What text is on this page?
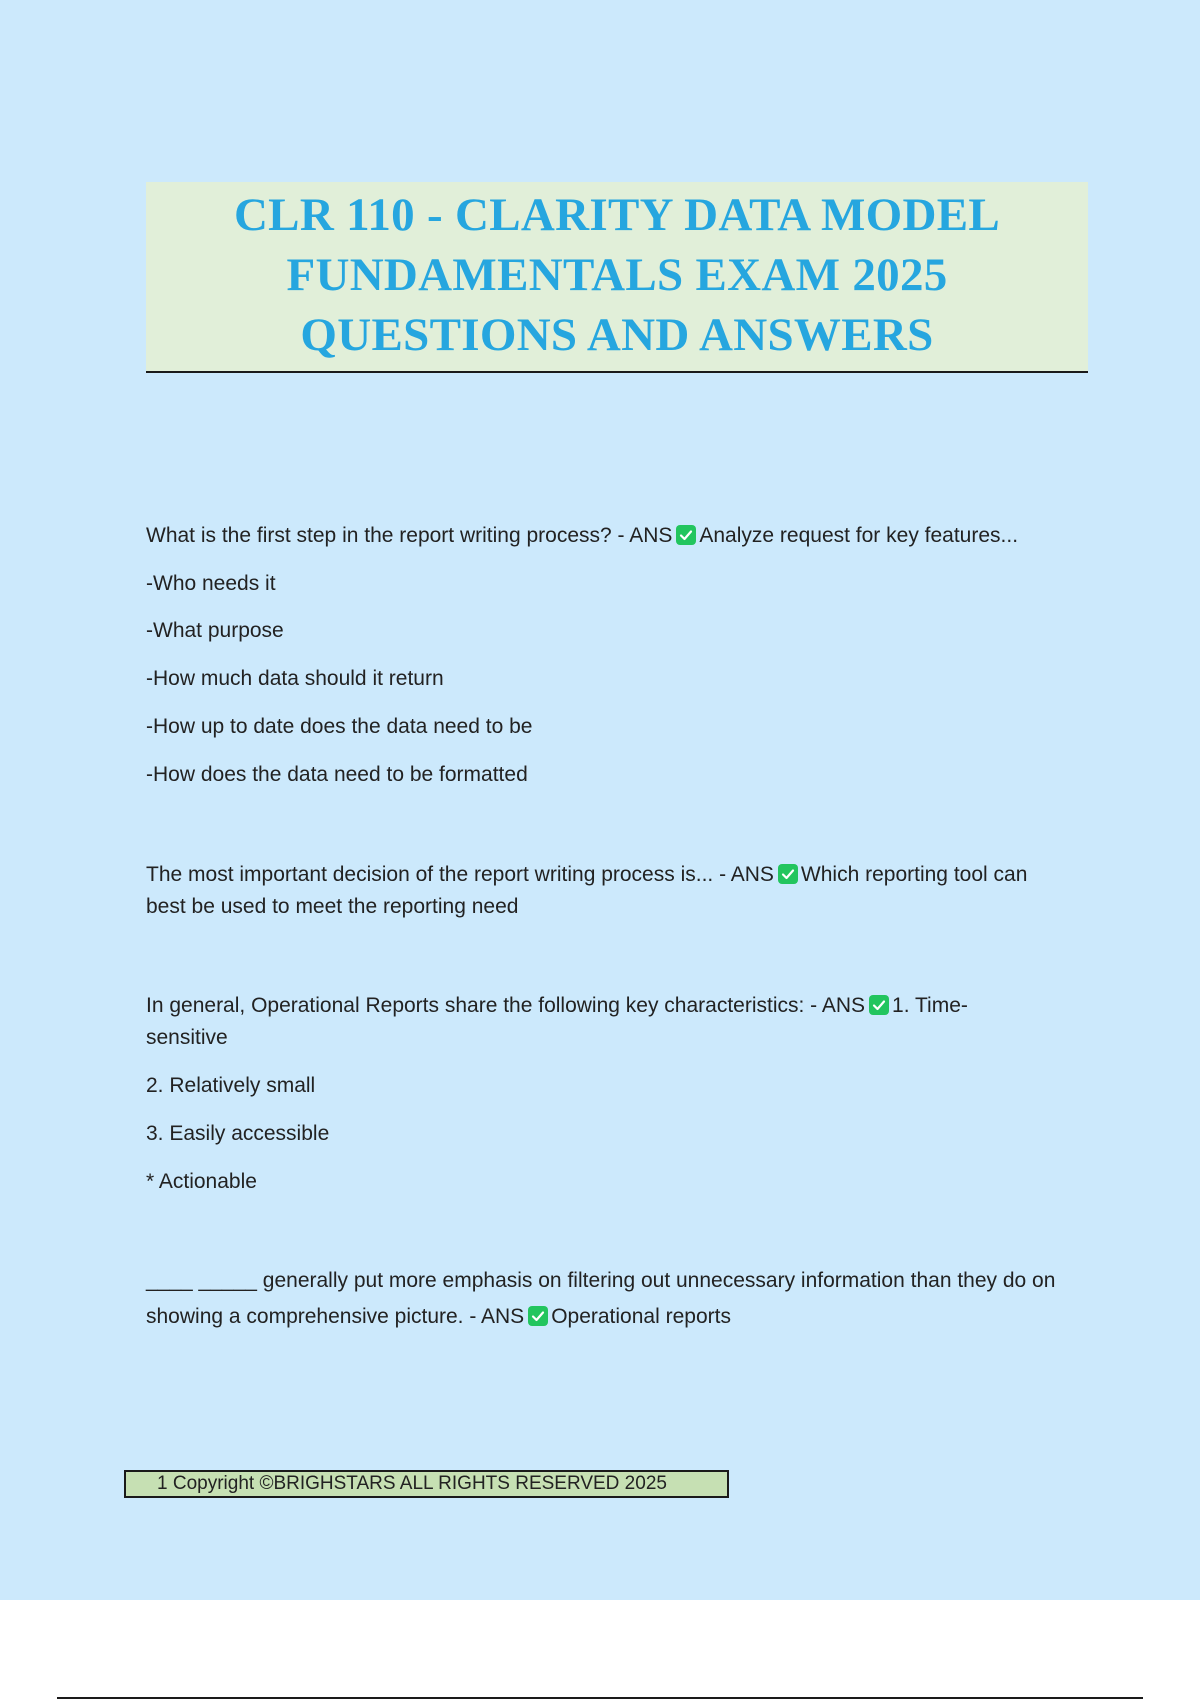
CLR 110 - CLARITY DATA MODEL
FUNDAMENTALS EXAM 2025
QUESTIONS AND ANSWERS
What is the first step in the report writing process? - ANS Analyze request for key features...
-Who needs it
-What purpose
-How much data should it return
-How up to date does the data need to be
-How does the data need to be formatted
The most important decision of the report writing process is... - ANS Which reporting tool can best be used to meet the reporting need
In general, Operational Reports share the following key characteristics: - ANS 1. Time-sensitive
2. Relatively small
3. Easily accessible
* Actionable
____ _____ generally put more emphasis on filtering out unnecessary information than they do on showing a comprehensive picture. - ANS Operational reports
1 Copyright ©BRIGHSTARS ALL RIGHTS RESERVED 2025
